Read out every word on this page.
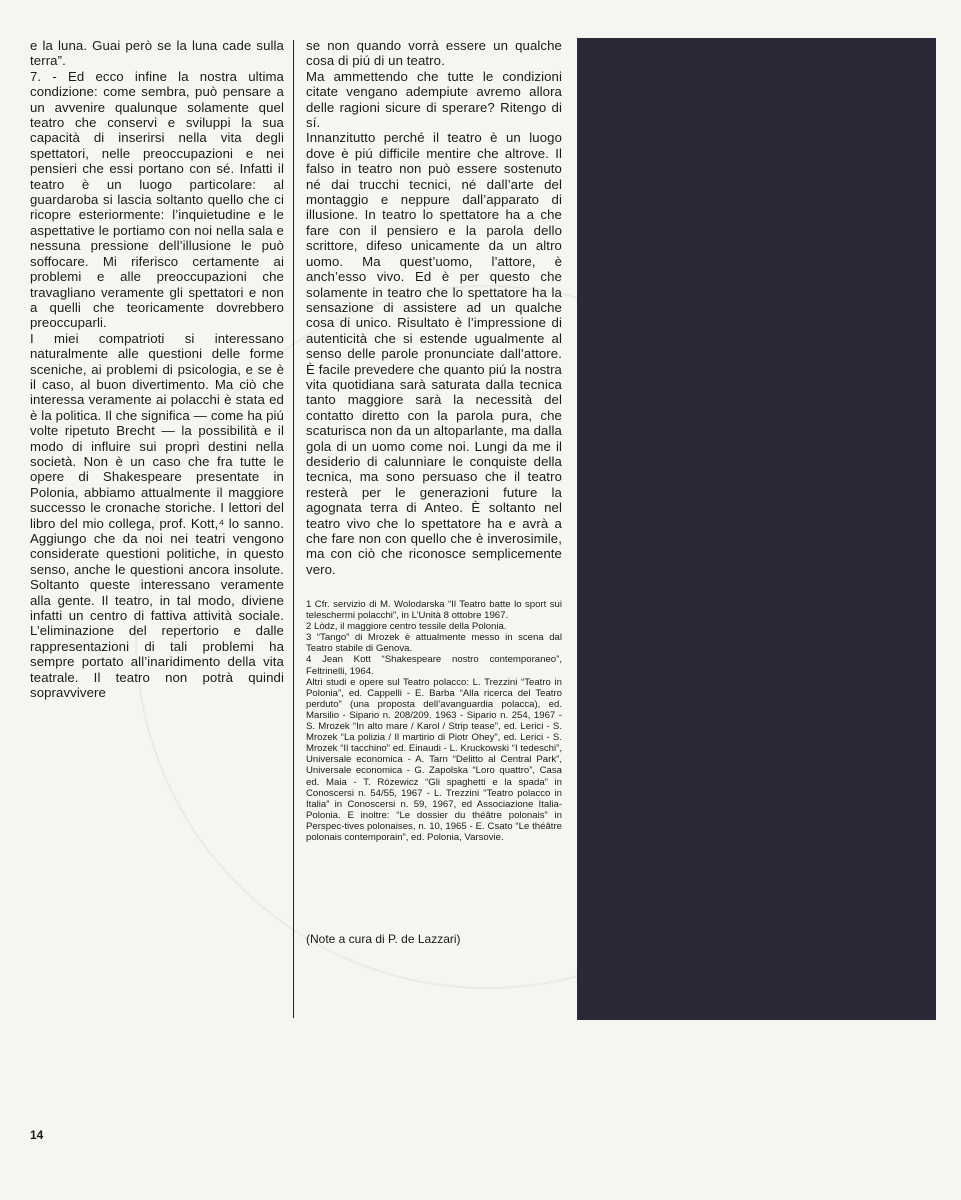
e la luna. Guai però se la luna cade sulla terra”.

7. - Ed ecco infine la nostra ultima condizione: come sembra, può pensare a un avvenire qualunque solamente quel teatro che conservi e sviluppi la sua capacità di inserirsi nella vita degli spettatori, nelle preoccupazioni e nei pensieri che essi portano con sé. Infatti il teatro è un luogo particolare: al guardaroba si lascia soltanto quello che ci ricopre esteriormente: l’inquietudine e le aspettative le portiamo con noi nella sala e nessuna pressione dell’illusione le può soffocare. Mi riferisco certamente ai problemi e alle preoccupazioni che travagliano veramente gli spettatori e non a quelli che teoricamente dovrebbero preoccuparli.

I miei compatrioti si interessano naturalmente alle questioni delle forme sceniche, ai problemi di psicologia, e se è il caso, al buon divertimento. Ma ciò che interessa veramente ai polacchi è stata ed è la politica. Il che significa — come ha piú volte ripetuto Brecht — la possibilità e il modo di influire sui propri destini nella società. Non è un caso che fra tutte le opere di Shakespeare presentate in Polonia, abbiamo attualmente il maggiore successo le cronache storiche. I lettori del libro del mio collega, prof. Kott,⁴ lo sanno. Aggiungo che da noi nei teatri vengono considerate questioni politiche, in questo senso, anche le questioni ancora insolute. Soltanto queste interessano veramente alla gente. Il teatro, in tal modo, diviene infatti un centro di fattiva attività sociale. L’eliminazione del repertorio e dalle rappresentazioni di tali problemi ha sempre portato all’inaridimento della vita teatrale. Il teatro non potrà quindi sopravvivere

se non quando vorrà essere un qualche cosa di piú di un teatro.

Ma ammettendo che tutte le condizioni citate vengano adempiute avremo allora delle ragioni sicure di sperare? Ritengo di sí.

Innanzitutto perché il teatro è un luogo dove è piú difficile mentire che altrove. Il falso in teatro non può essere sostenuto né dai trucchi tecnici, né dall’arte del montaggio e neppure dall’apparato di illusione. In teatro lo spettatore ha a che fare con il pensiero e la parola dello scrittore, difeso unicamente da un altro uomo. Ma quest’uomo, l’attore, è anch’esso vivo. Ed è per questo che solamente in teatro che lo spettatore ha la sensazione di assistere ad un qualche cosa di unico. Risultato è l’impressione di autenticità che si estende ugualmente al senso delle parole pronunciate dall’attore. È facile prevedere che quanto piú la nostra vita quotidiana sarà saturata dalla tecnica tanto maggiore sarà la necessità del contatto diretto con la parola pura, che scaturisca non da un altoparlante, ma dalla gola di un uomo come noi. Lungi da me il desiderio di calunniare le conquiste della tecnica, ma sono persuaso che il teatro resterà per le generazioni future la agognata terra di Anteo. È soltanto nel teatro vivo che lo spettatore ha e avrà a che fare non con quello che è inverosimile, ma con ciò che riconosce semplicemente vero.

1 Cfr. servizio di M. Wolodarska “Il Teatro batte lo sport sui teleschermi polacchi”, in L’Unità 8 ottobre 1967.

2 Lòdz, il maggiore centro tessile della Polonia.

3 “Tango” di Mrozek è attualmente messo in scena dal Teatro stabile di Genova.

4 Jean Kott “Shakespeare nostro contemporaneo”, Feltrinelli, 1964.

Altri studi e opere sul Teatro polacco: L. Trezzini “Teatro in Polonia”, ed. Cappelli - E. Barba “Alla ricerca del Teatro perduto” (una proposta dell’avanguardia polacca), ed. Marsilio - Sipario n. 208/209. 1963 - Sipario n. 254, 1967 - S. Mrozek “In alto mare / Karol / Strip tease”, ed. Lerici - S. Mrozek “La polizia / Il martirio di Piotr Ohey”, ed. Lerici - S. Mrozek “Il tacchino” ed. Einaudi - L. Kruckowski “I tedeschi”, Universale economica - A. Tarn “Delitto al Central Park”, Universale economica - G. Zapolska “Loro quattro”, Casa ed. Maia - T. Rózewicz “Gli spaghetti e la spada” in Conoscersi n. 54/55, 1967 - L. Trezzini “Teatro polacco in Italia” in Conoscersi n. 59, 1967, ed Associazione Italia-Polonia. E inoltre: “Le dossier du théâtre polonais” in Perspec-tives polonaises, n. 10, 1965 - E. Csato “Le théâtre polonais contemporain”, ed. Polonia, Varsovie.

(Note a cura di P. de Lazzari)
14
